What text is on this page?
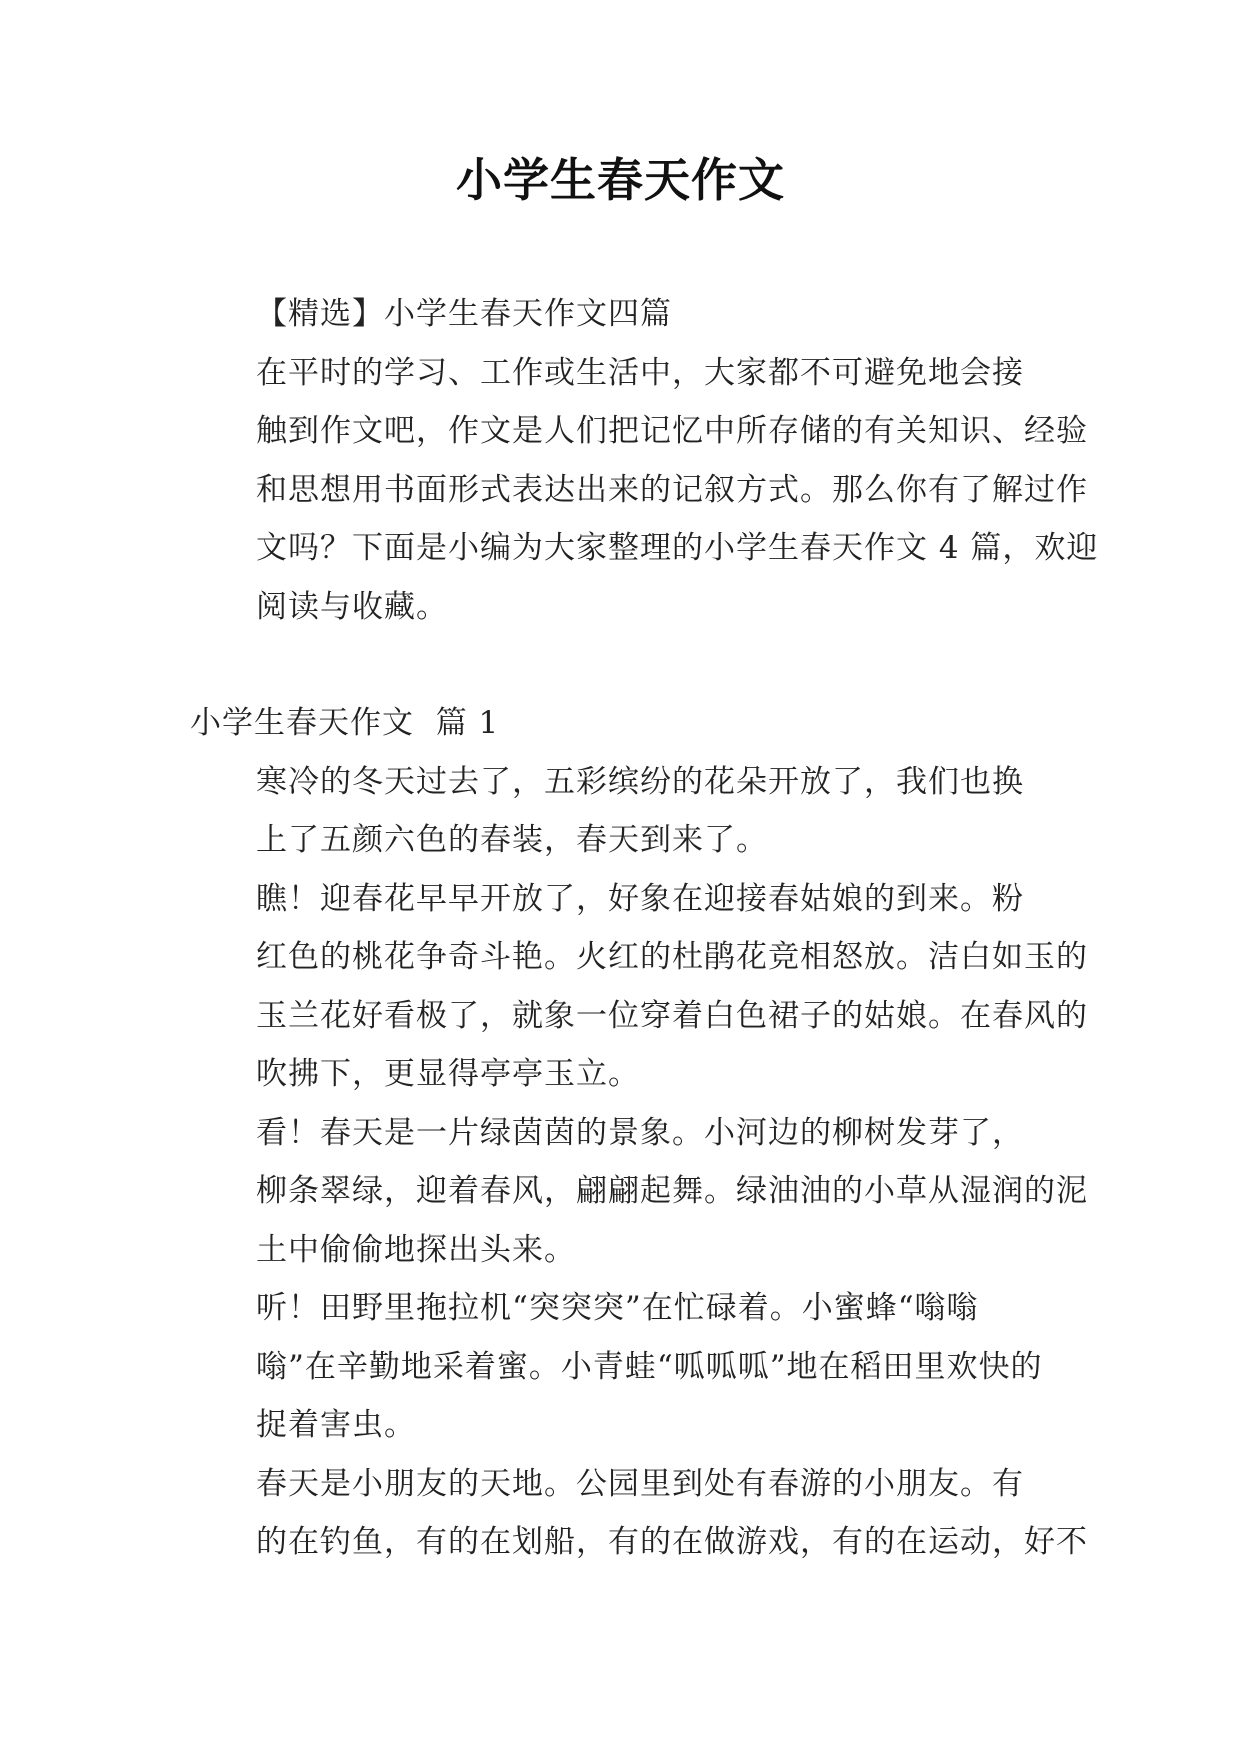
小学生春天作文

【精选】小学生春天作文四篇

在平时的学习、工作或生活中，大家都不可避免地会接
触到作文吧，作文是人们把记忆中所存储的有关知识、经验
和思想用书面形式表达出来的记叙方式。那么你有了解过作
文吗？下面是小编为大家整理的小学生春天作文 4 篇，欢迎
阅读与收藏。

小学生春天作文  篇 1

寒冷的冬天过去了，五彩缤纷的花朵开放了，我们也换
上了五颜六色的春装，春天到来了。

瞧！迎春花早早开放了，好象在迎接春姑娘的到来。粉
红色的桃花争奇斗艳。火红的杜鹃花竞相怒放。洁白如玉的
玉兰花好看极了，就象一位穿着白色裙子的姑娘。在春风的
吹拂下，更显得亭亭玉立。

看！春天是一片绿茵茵的景象。小河边的柳树发芽了，
柳条翠绿，迎着春风，翩翩起舞。绿油油的小草从湿润的泥
土中偷偷地探出头来。

听！田野里拖拉机“突突突”在忙碌着。小蜜蜂“嗡嗡
嗡”在辛勤地采着蜜。小青蛙“呱呱呱”地在稻田里欢快的
捉着害虫。

春天是小朋友的天地。公园里到处有春游的小朋友。有
的在钓鱼，有的在划船，有的在做游戏，有的在运动，好不
